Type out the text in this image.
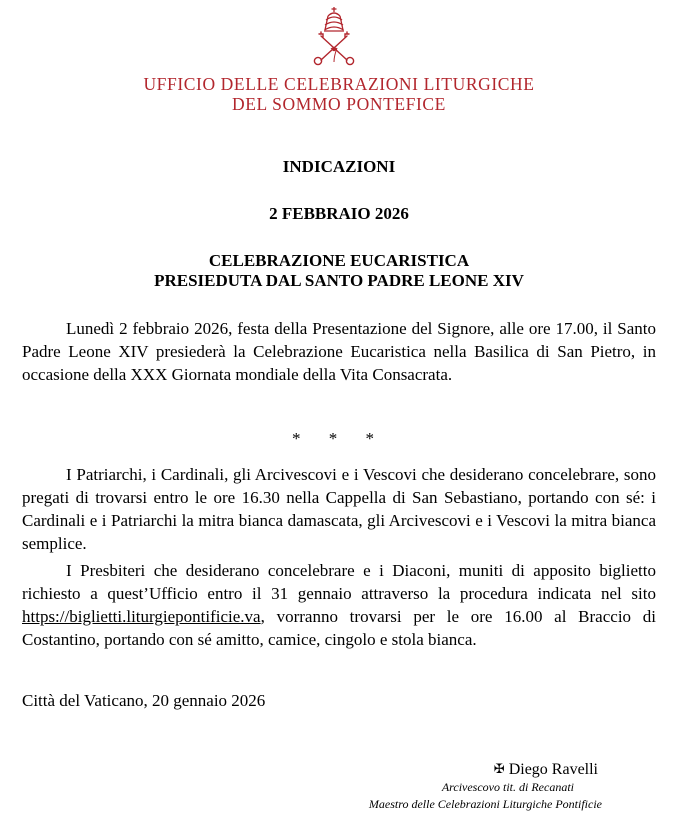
UFFICIO DELLE CELEBRAZIONI LITURGICHE
DEL SOMMO PONTEFICE
INDICAZIONI
2 FEBBRAIO 2026
CELEBRAZIONE EUCARISTICA
PRESIEDUTA DAL SANTO PADRE LEONE XIV

Lunedì 2 febbraio 2026, festa della Presentazione del Signore, alle ore 17.00, il Santo Padre Leone XIV presiederà la Celebrazione Eucaristica nella Basilica di San Pietro, in occasione della XXX Giornata mondiale della Vita Consacrata.

* * *

I Patriarchi, i Cardinali, gli Arcivescovi e i Vescovi che desiderano concelebrare, sono pregati di trovarsi entro le ore 16.30 nella Cappella di San Sebastiano, portando con sé: i Cardinali e i Patriarchi la mitra bianca damascata, gli Arcivescovi e i Vescovi la mitra bianca semplice.

I Presbiteri che desiderano concelebrare e i Diaconi, muniti di apposito biglietto richiesto a quest’Ufficio entro il 31 gennaio attraverso la procedura indicata nel sito https://biglietti.liturgiepontificie.va, vorranno trovarsi per le ore 16.00 al Braccio di Costantino, portando con sé amitto, camice, cingolo e stola bianca.

Città del Vaticano, 20 gennaio 2026
✠ Diego Ravelli
Arcivescovo tit. di Recanati
Maestro delle Celebrazioni Liturgiche Pontificie
